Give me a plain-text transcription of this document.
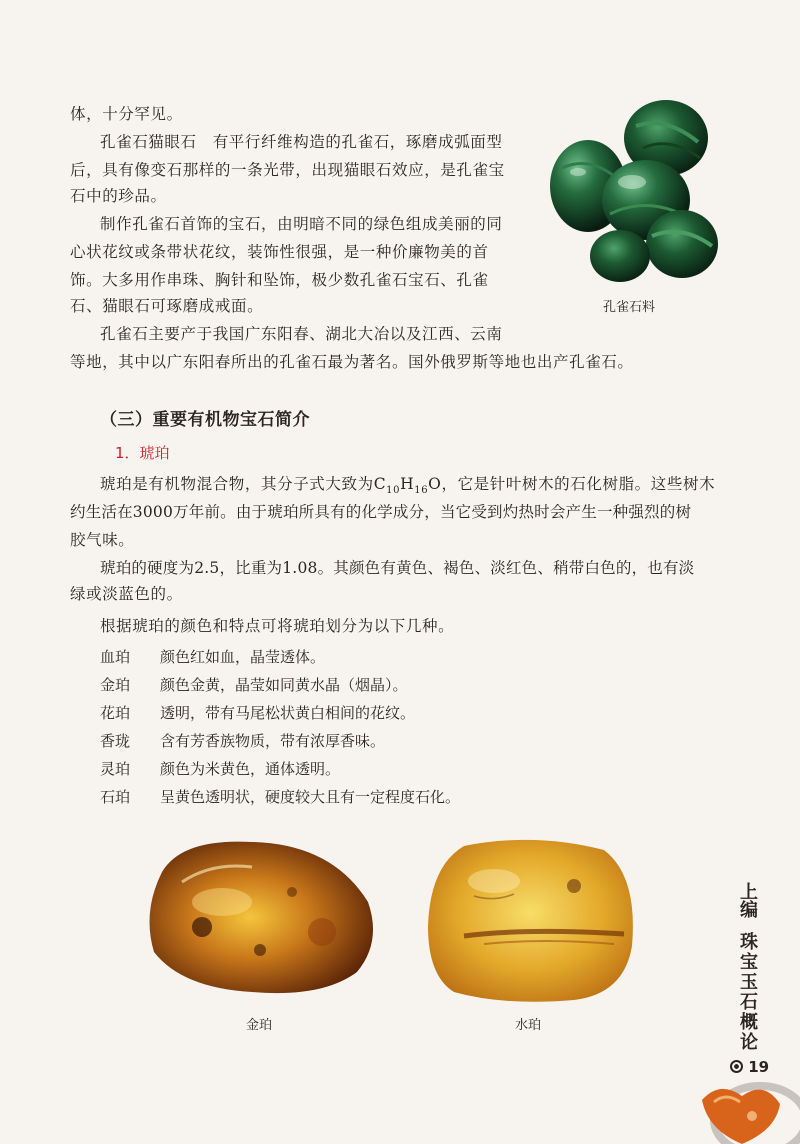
孔雀石料

体，十分罕见。

孔雀石猫眼石　有平行纤维构造的孔雀石，琢磨成弧面型

后，具有像变石那样的一条光带，出现猫眼石效应，是孔雀宝

石中的珍品。

制作孔雀石首饰的宝石，由明暗不同的绿色组成美丽的同

心状花纹或条带状花纹，装饰性很强，是一种价廉物美的首

饰。大多用作串珠、胸针和坠饰，极少数孔雀石宝石、孔雀

石、猫眼石可琢磨成戒面。

孔雀石主要产于我国广东阳春、湖北大冶以及江西、云南

等地，其中以广东阳春所出的孔雀石最为著名。国外俄罗斯等地也出产孔雀石。

（三）重要有机物宝石简介
1．琥珀

琥珀是有机物混合物，其分子式大致为$C_{10}H_{16}O$，它是针叶树木的石化树脂。这些树木

约生活在3000万年前。由于琥珀所具有的化学成分，当它受到灼热时会产生一种强烈的树

胶气味。

琥珀的硬度为2.5，比重为1.08。其颜色有黄色、褐色、淡红色、稍带白色的，也有淡

绿或淡蓝色的。

根据琥珀的颜色和特点可将琥珀划分为以下几种。

血珀 颜色红如血，晶莹透体。
金珀 颜色金黄，晶莹如同黄水晶（烟晶）。
花珀 透明，带有马尾松状黄白相间的花纹。
香珑 含有芳香族物质，带有浓厚香味。
灵珀 颜色为米黄色，通体透明。
石珀 呈黄色透明状，硬度较大且有一定程度石化。
金珀	水珀
上编
珠宝玉石概论
19
